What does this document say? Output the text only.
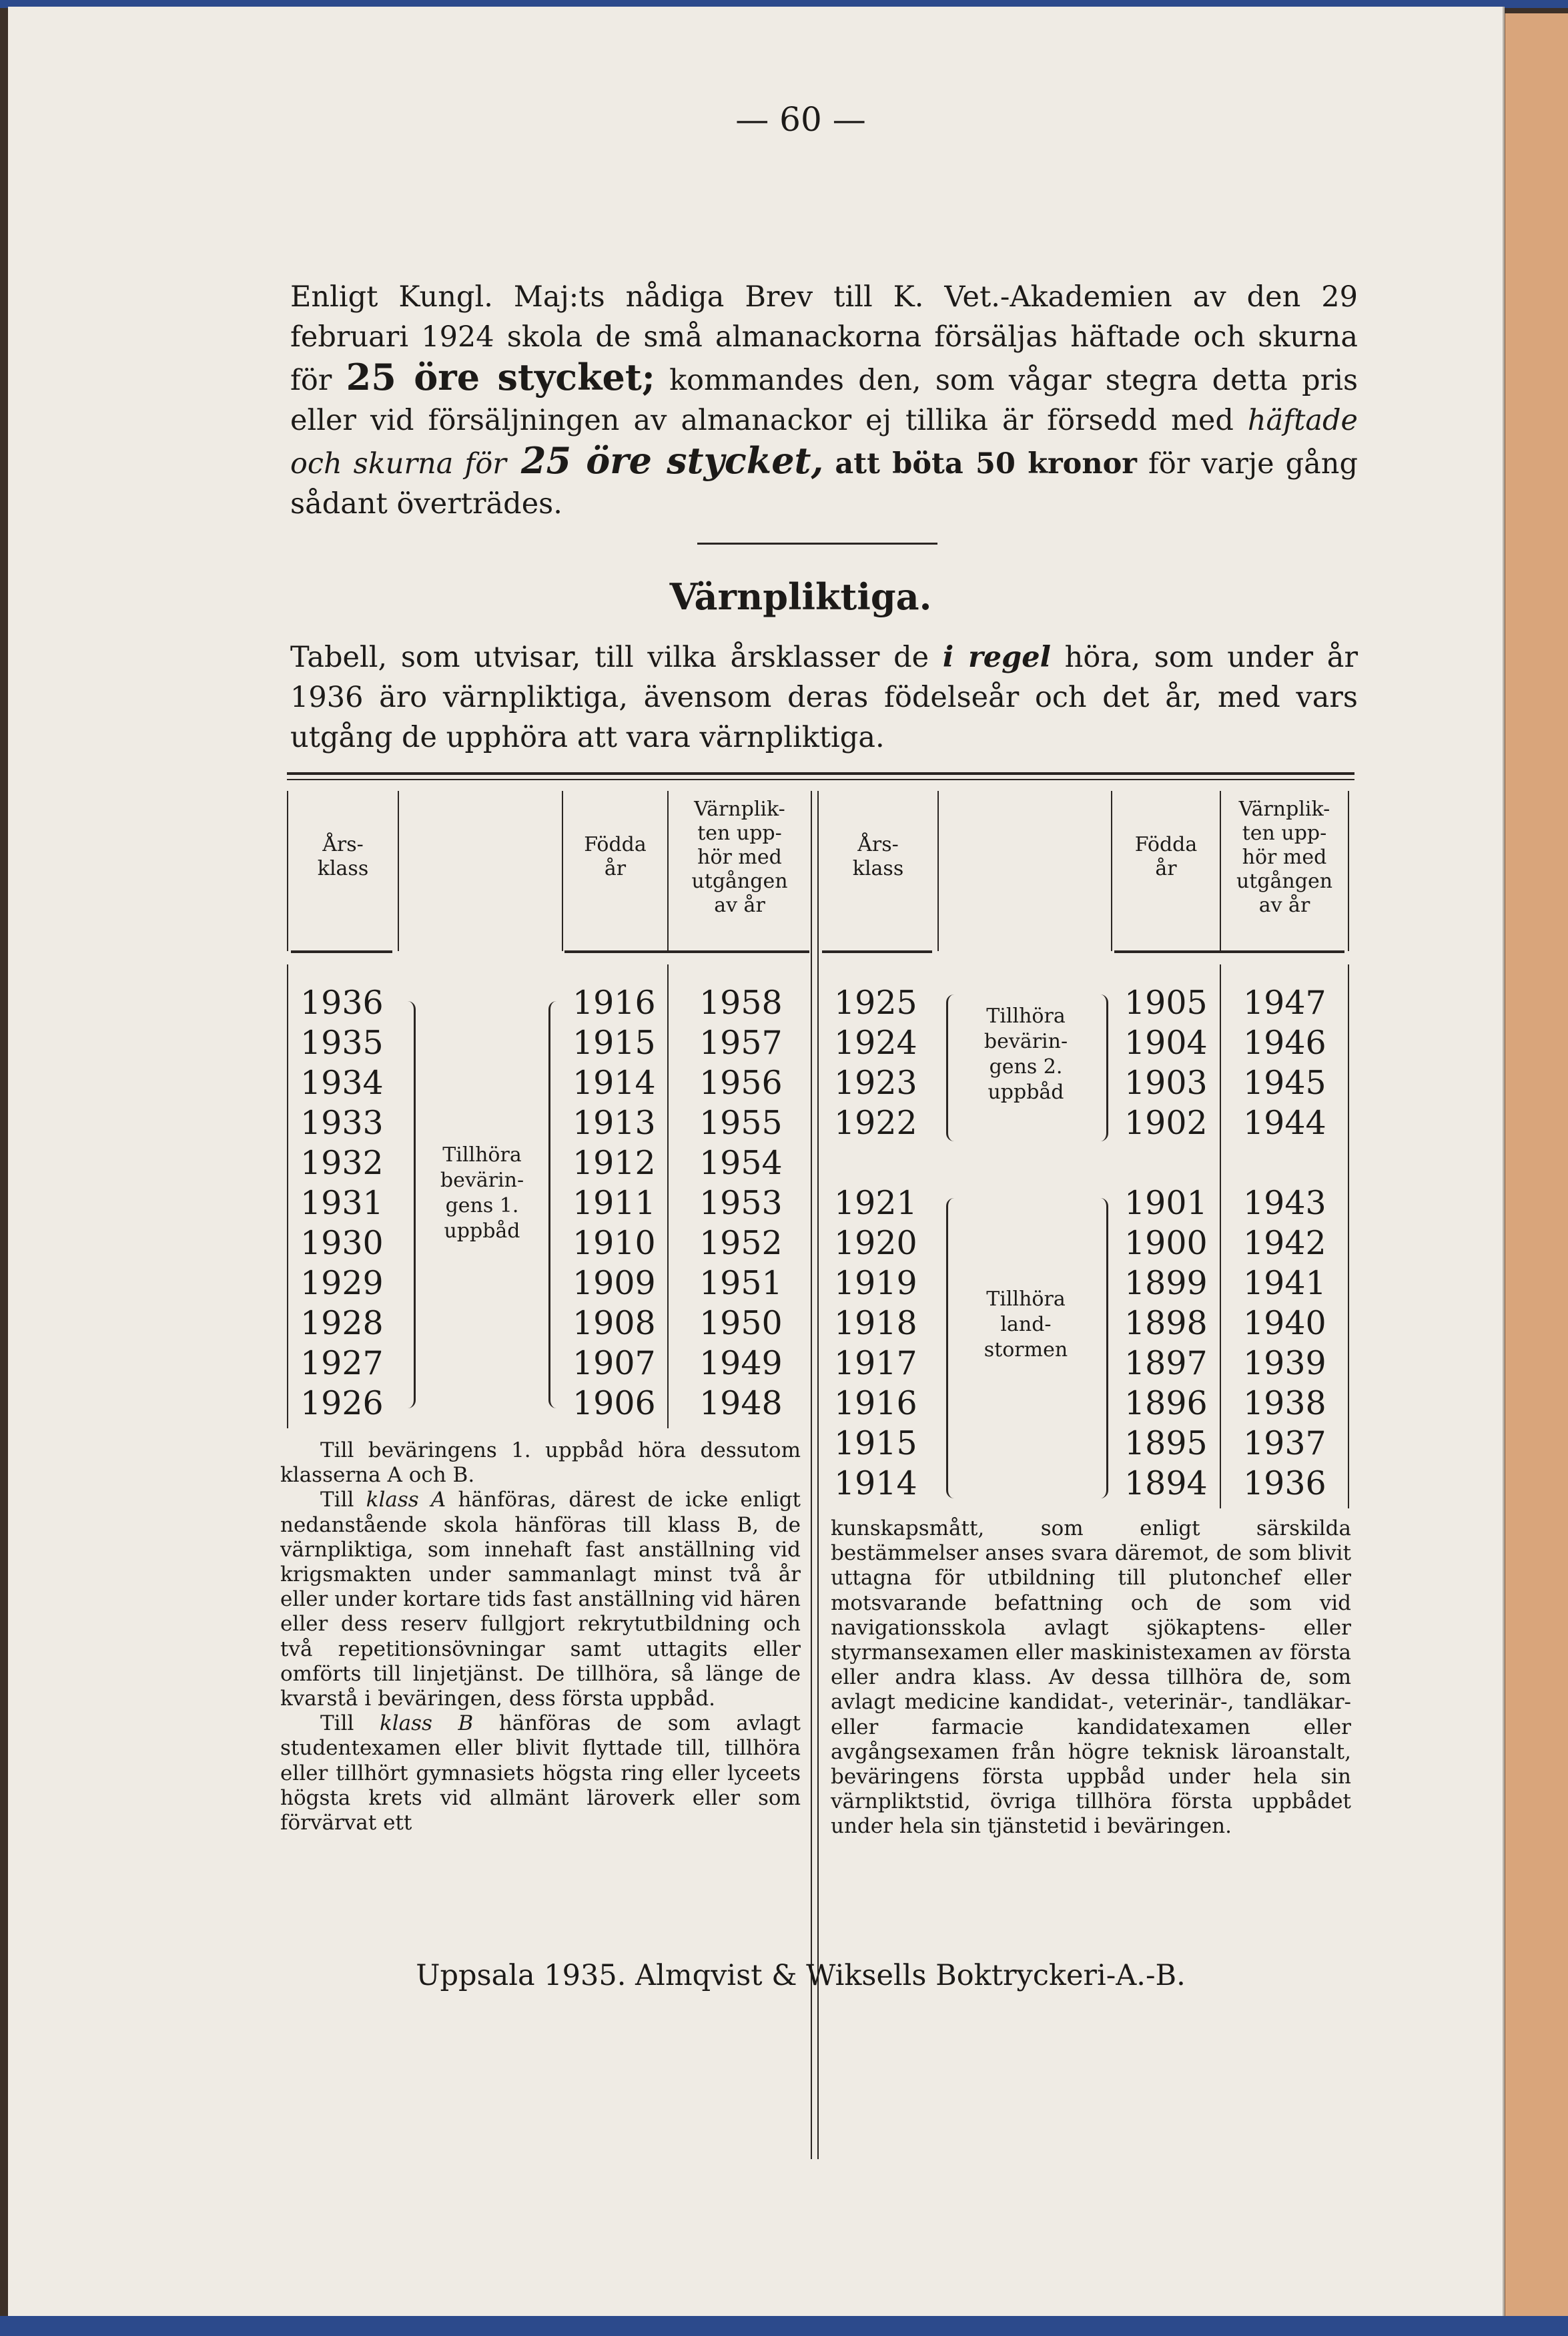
— 60 —

Enligt Kungl. Maj:ts nådiga Brev till K. Vet.-Akademien av den 29 februari 1924 skola de små almanackorna försäljas häftade och skurna för 25 öre stycket; kommandes den, som vågar stegra detta pris eller vid försäljningen av almanackor ej tillika är försedd med häftade och skurna för 25 öre stycket, att böta 50 kronor för varje gång sådant överträdes.

Värnpliktiga.
Tabell, som utvisar, till vilka årsklasser de i regel höra, som under år 1936 äro värnpliktiga, ävensom deras födelseår och det år, med vars utgång de upphöra att vara värnpliktiga.
Års-
klass
Födda
år
Värnplik-
ten upp-
hör med
utgången
av år
Års-
klass
Födda
år
Värnplik-
ten upp-
hör med
utgången
av år
1936
1935
1934
1933
1932
1931
1930
1929
1928
1927
1926
1916
1915
1914
1913
1912
1911
1910
1909
1908
1907
1906
1958
1957
1956
1955
1954
1953
1952
1951
1950
1949
1948
Tillhöra
bevärin-
gens 1.
uppbåd
1925
1924
1923
1922
1905
1904
1903
1902
1947
1946
1945
1944
Tillhöra
bevärin-
gens 2.
uppbåd
1921
1920
1919
1918
1917
1916
1915
1914
1901
1900
1899
1898
1897
1896
1895
1894
1943
1942
1941
1940
1939
1938
1937
1936
Tillhöra
land-
stormen

Till beväringens 1. uppbåd höra dessutom klasserna A och B.

Till klass A hänföras, därest de icke enligt nedanstående skola hänföras till klass B, de värnpliktiga, som innehaft fast anställning vid krigsmakten under sammanlagt minst två år eller under kortare tids fast anställning vid hären eller dess reserv fullgjort rekrytutbildning och två repetitionsövningar samt uttagits eller omförts till linjetjänst. De tillhöra, så länge de kvarstå i beväringen, dess första uppbåd.

Till klass B hänföras de som avlagt studentexamen eller blivit flyttade till, tillhöra eller tillhört gymnasiets högsta ring eller lyceets högsta krets vid allmänt läroverk eller som förvärvat ett

kunskapsmått, som enligt särskilda bestämmelser anses svara däremot, de som blivit uttagna för utbildning till plutonchef eller motsvarande befattning och de som vid navigationsskola avlagt sjökaptens- eller styrmansexamen eller maskinistexamen av första eller andra klass. Av dessa tillhöra de, som avlagt medicine kandidat-, veterinär-, tandläkar- eller farmacie kandidatexamen eller avgångsexamen från högre teknisk läroanstalt, beväringens första uppbåd under hela sin värnpliktstid, övriga tillhöra första uppbådet under hela sin tjänstetid i beväringen.

Uppsala 1935. Almqvist & Wiksells Boktryckeri-A.-B.
